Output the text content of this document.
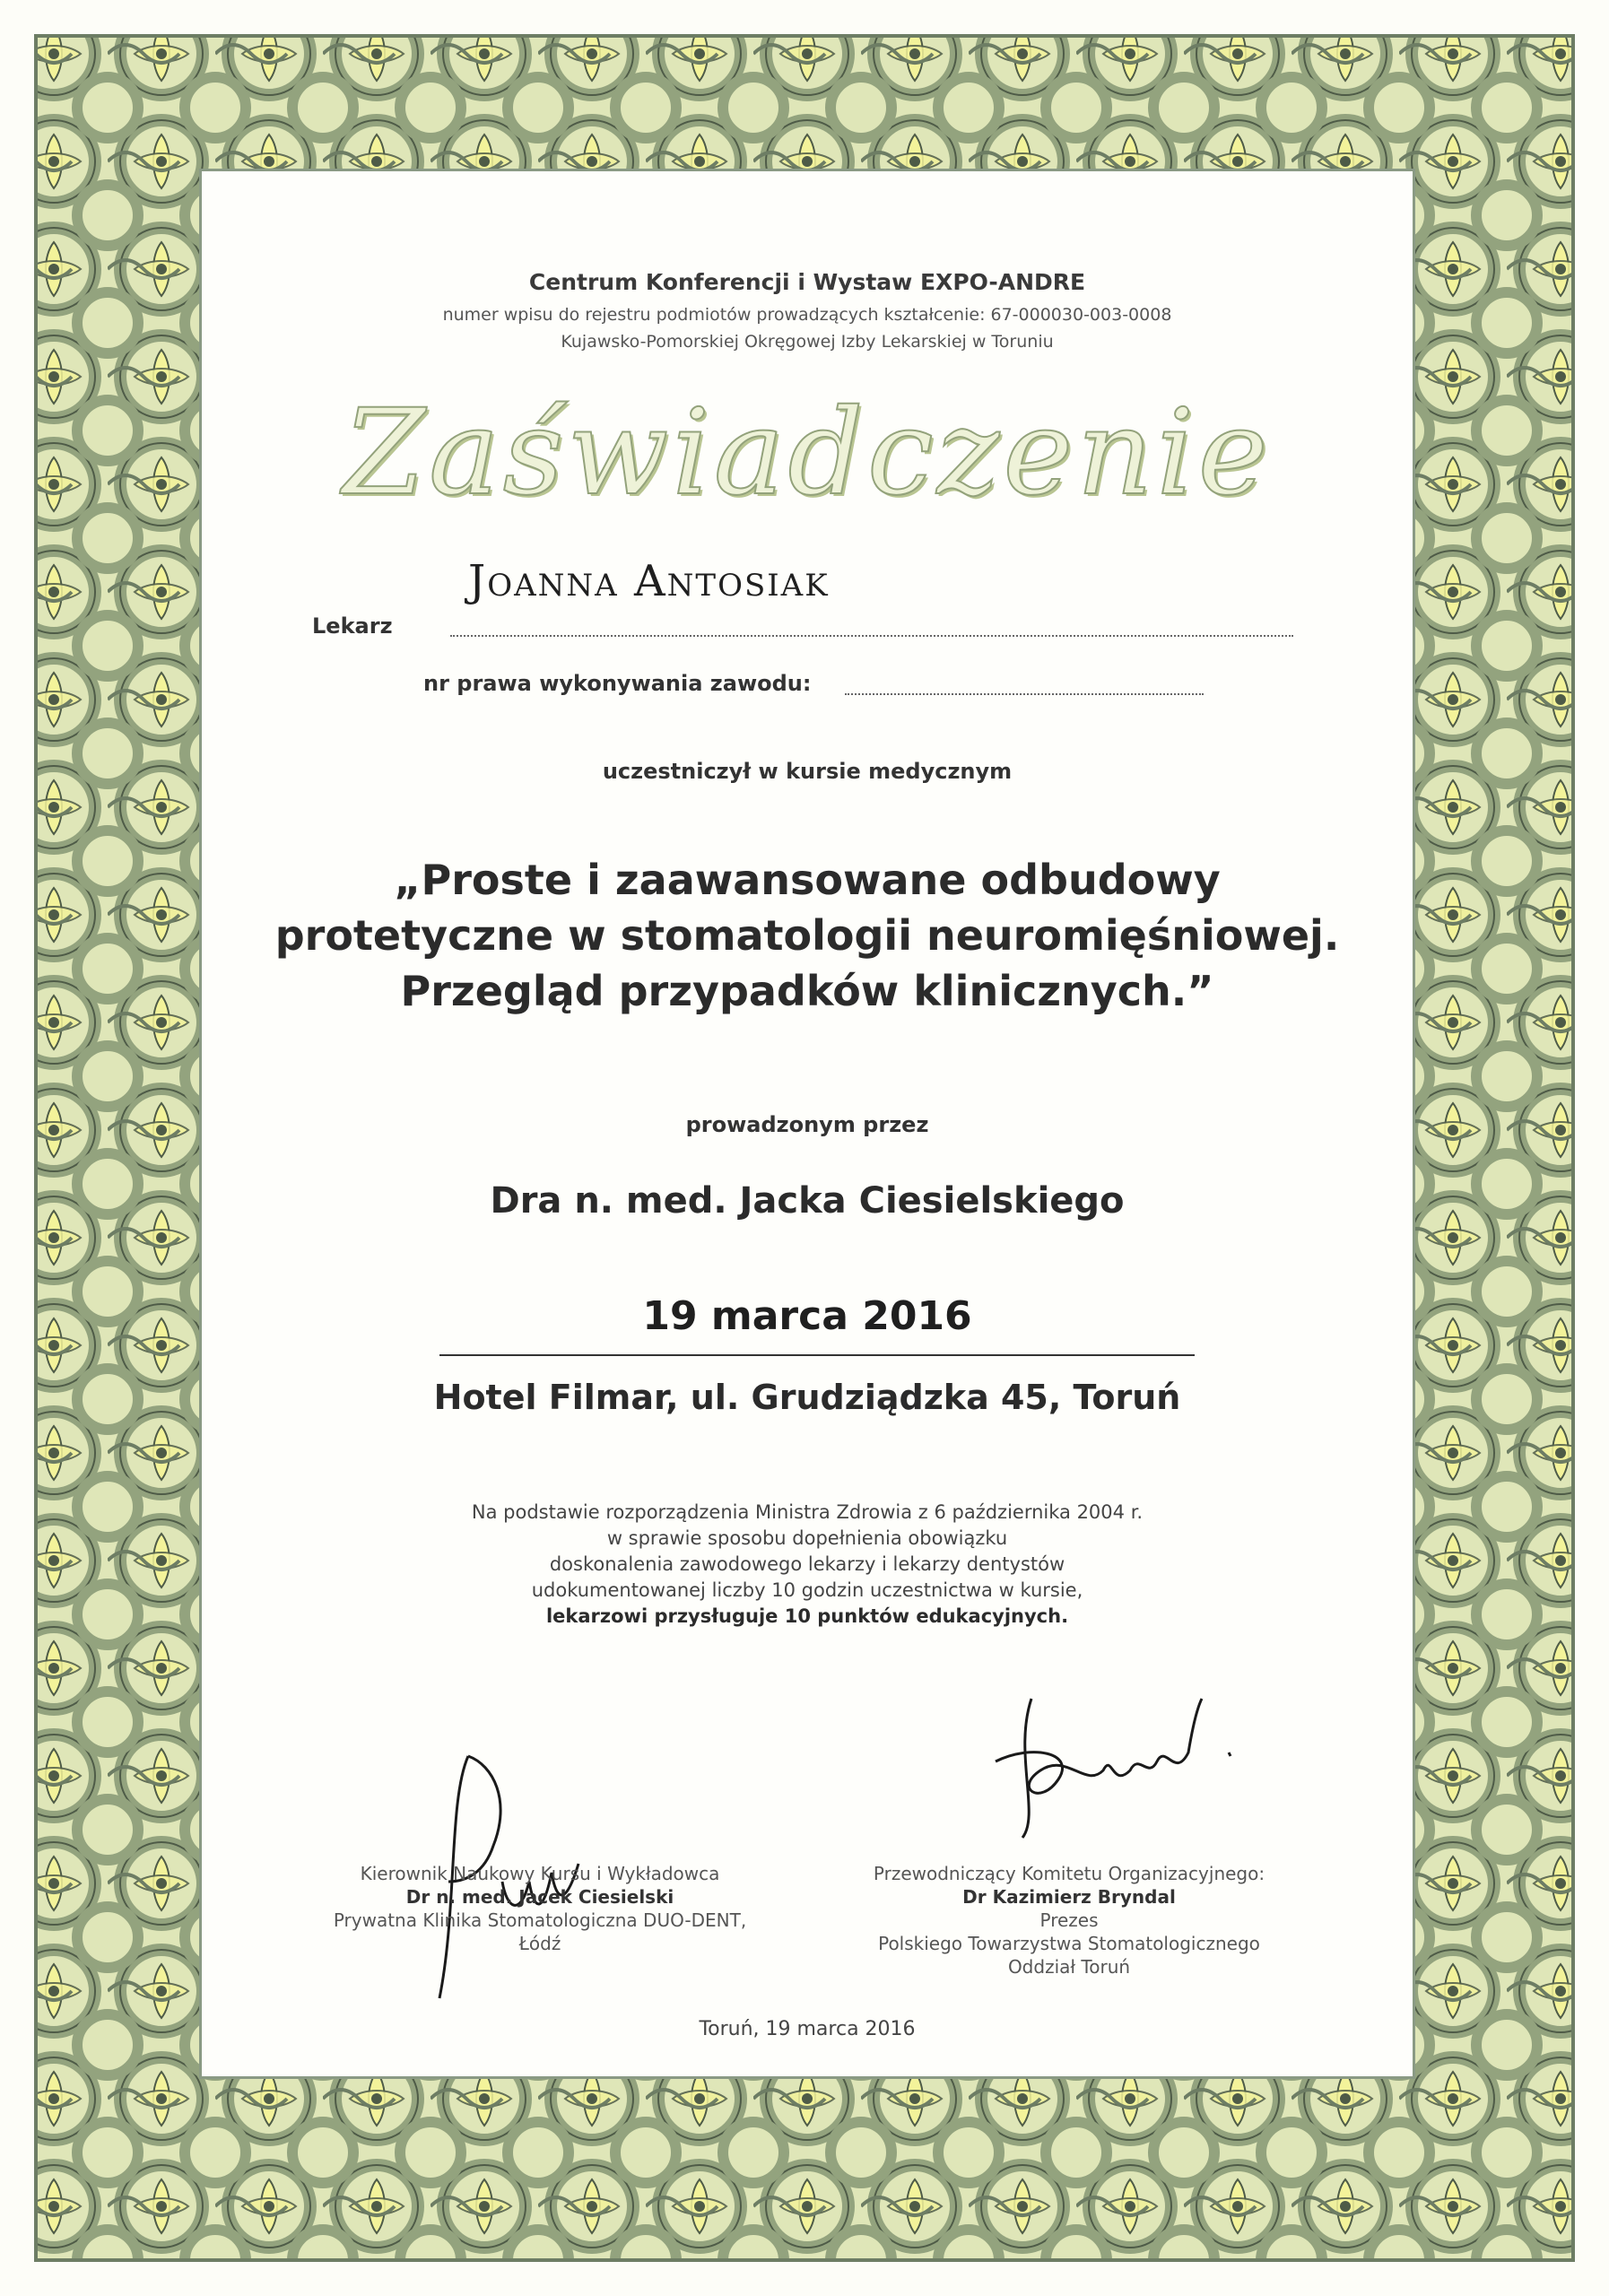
Centrum Konferencji i Wystaw EXPO-ANDRE
numer wpisu do rejestru podmiotów prowadzących kształcenie: 67-000030-003-0008
Kujawsko-Pomorskiej Okręgowej Izby Lekarskiej w Toruniu
Zaświadczenie
Lekarz
Joanna Antosiak
nr prawa wykonywania zawodu:
uczestniczył w kursie medycznym
„Proste i zaawansowane odbudowy
protetyczne w stomatologii neuromięśniowej.
Przegląd przypadków klinicznych.”
prowadzonym przez
Dra n. med. Jacka Ciesielskiego
19 marca 2016
Hotel Filmar, ul. Grudziądzka 45, Toruń
Na podstawie rozporządzenia Ministra Zdrowia z 6 października 2004 r.
w sprawie sposobu dopełnienia obowiązku
doskonalenia zawodowego lekarzy i lekarzy dentystów
udokumentowanej liczby 10 godzin uczestnictwa w kursie,
lekarzowi przysługuje 10 punktów edukacyjnych.
Kierownik Naukowy Kursu i Wykładowca
Dr n. med. Jacek Ciesielski
Prywatna Klinika Stomatologiczna DUO-DENT,
Łódź
Przewodniczący Komitetu Organizacyjnego:
Dr Kazimierz Bryndal
Prezes
Polskiego Towarzystwa Stomatologicznego
Oddział Toruń
Toruń, 19 marca 2016
